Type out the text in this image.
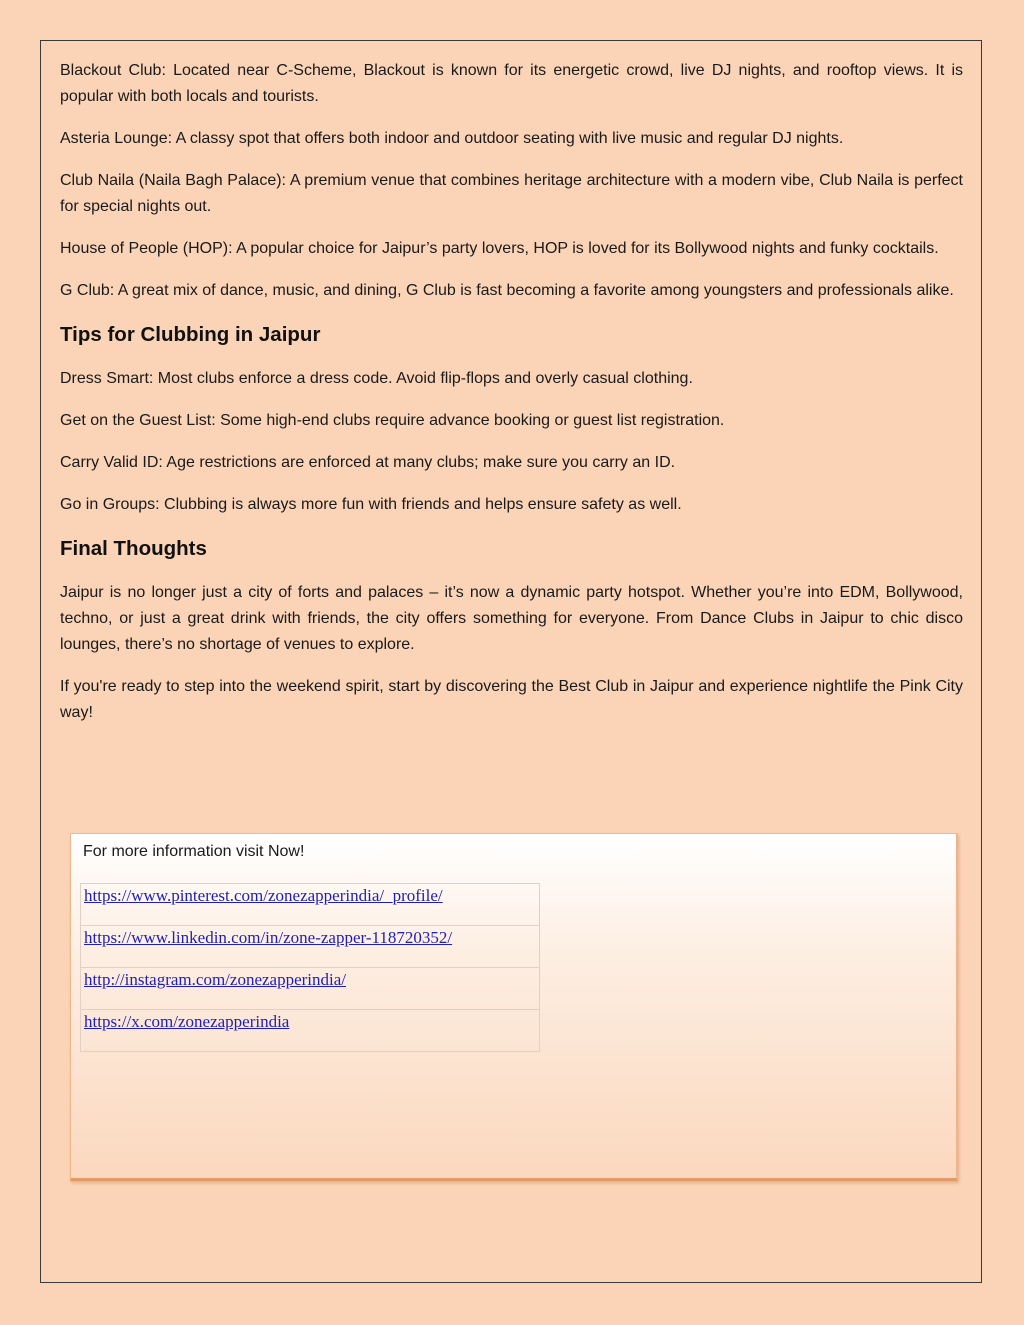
Blackout Club: Located near C-Scheme, Blackout is known for its energetic crowd, live DJ nights, and rooftop views. It is popular with both locals and tourists.

Asteria Lounge: A classy spot that offers both indoor and outdoor seating with live music and regular DJ nights.

Club Naila (Naila Bagh Palace): A premium venue that combines heritage architecture with a modern vibe, Club Naila is perfect for special nights out.

House of People (HOP): A popular choice for Jaipur’s party lovers, HOP is loved for its Bollywood nights and funky cocktails.

G Club: A great mix of dance, music, and dining, G Club is fast becoming a favorite among youngsters and professionals alike.

Tips for Clubbing in Jaipur

Dress Smart: Most clubs enforce a dress code. Avoid flip-flops and overly casual clothing.

Get on the Guest List: Some high-end clubs require advance booking or guest list registration.

Carry Valid ID: Age restrictions are enforced at many clubs; make sure you carry an ID.

Go in Groups: Clubbing is always more fun with friends and helps ensure safety as well.

Final Thoughts

Jaipur is no longer just a city of forts and palaces – it’s now a dynamic party hotspot. Whether you’re into EDM, Bollywood, techno, or just a great drink with friends, the city offers something for everyone. From Dance Clubs in Jaipur to chic disco lounges, there’s no shortage of venues to explore.

If you're ready to step into the weekend spirit, start by discovering the Best Club in Jaipur and experience nightlife the Pink City way!

For more information visit Now!
https://www.pinterest.com/zonezapperindia/_profile/
https://www.linkedin.com/in/zone-zapper-118720352/
http://instagram.com/zonezapperindia/
https://x.com/zonezapperindia
